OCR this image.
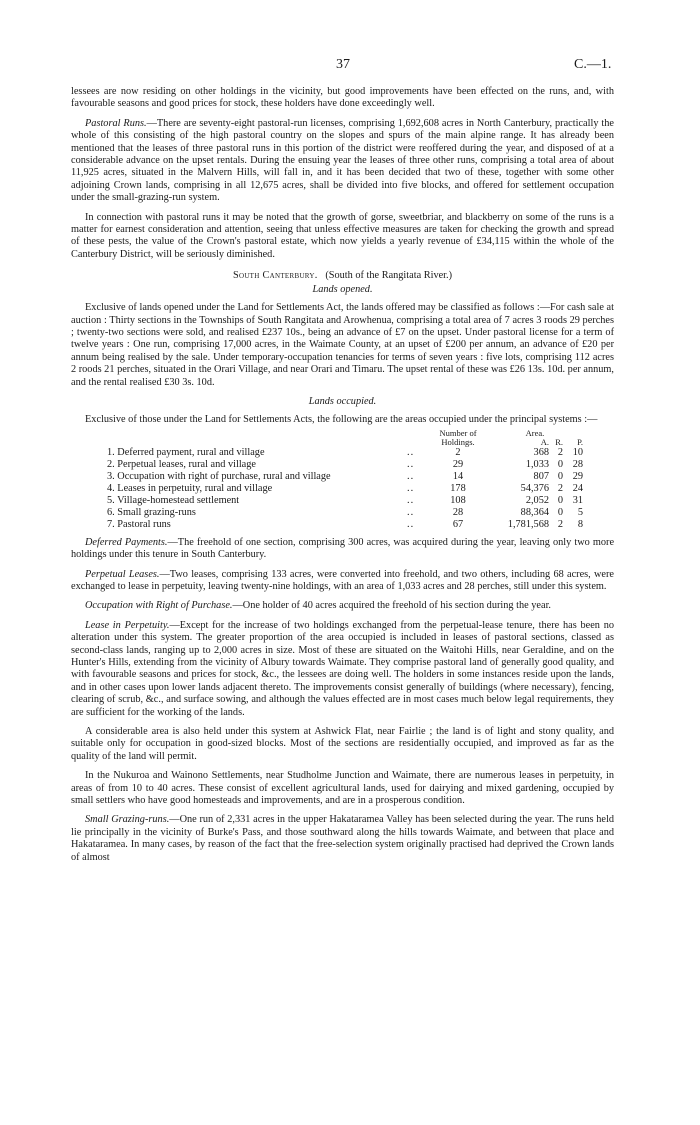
37	C.—1.

lessees are now residing on other holdings in the vicinity, but good improvements have been effected on the runs, and, with favourable seasons and good prices for stock, these holders have done exceedingly well.

Pastoral Runs.—There are seventy-eight pastoral-run licenses, comprising 1,692,608 acres in North Canterbury, practically the whole of this consisting of the high pastoral country on the slopes and spurs of the main alpine range. It has already been mentioned that the leases of three pastoral runs in this portion of the district were reoffered during the year, and disposed of at a considerable advance on the upset rentals. During the ensuing year the leases of three other runs, comprising a total area of about 11,925 acres, situated in the Malvern Hills, will fall in, and it has been decided that two of these, together with some other adjoining Crown lands, comprising in all 12,675 acres, shall be divided into five blocks, and offered for settlement occupation under the small-grazing-run system.

In connection with pastoral runs it may be noted that the growth of gorse, sweetbriar, and blackberry on some of the runs is a matter for earnest consideration and attention, seeing that unless effective measures are taken for checking the growth and spread of these pests, the value of the Crown's pastoral estate, which now yields a yearly revenue of £34,115 within the whole of the Canterbury District, will be seriously diminished.

South Canterbury. (South of the Rangitata River.)
Lands opened.

Exclusive of lands opened under the Land for Settlements Act, the lands offered may be classified as follows :—For cash sale at auction : Thirty sections in the Townships of South Rangitata and Arowhenua, comprising a total area of 7 acres 3 roods 29 perches ; twenty-two sections were sold, and realised £237 10s., being an advance of £7 on the upset. Under pastoral license for a term of twelve years : One run, comprising 17,000 acres, in the Waimate County, at an upset of £200 per annum, an advance of £20 per annum being realised by the sale. Under temporary-occupation tenancies for terms of seven years : five lots, comprising 112 acres 2 roods 21 perches, situated in the Orari Village, and near Orari and Timaru. The upset rental of these was £26 13s. 10d. per annum, and the rental realised £30 3s. 10d.

Lands occupied.

Exclusive of those under the Land for Settlements Acts, the following are the areas occupied under the principal systems :—

		Number of Holdings.	Area.		
			A.	R.	P.
1. Deferred payment, rural and village	..	2	368	2	10
2. Perpetual leases, rural and village	..	29	1,033	0	28
3. Occupation with right of purchase, rural and village	..	14	807	0	29
4. Leases in perpetuity, rural and village	..	178	54,376	2	24
5. Village-homestead settlement	..	108	2,052	0	31
6. Small grazing-runs	..	28	88,364	0	5
7. Pastoral runs	..	67	1,781,568	2	8

Deferred Payments.—The freehold of one section, comprising 300 acres, was acquired during the year, leaving only two more holdings under this tenure in South Canterbury.

Perpetual Leases.—Two leases, comprising 133 acres, were converted into freehold, and two others, including 68 acres, were exchanged to lease in perpetuity, leaving twenty-nine holdings, with an area of 1,033 acres and 28 perches, still under this system.

Occupation with Right of Purchase.—One holder of 40 acres acquired the freehold of his section during the year.

Lease in Perpetuity.—Except for the increase of two holdings exchanged from the perpetual-lease tenure, there has been no alteration under this system. The greater proportion of the area occupied is included in leases of pastoral sections, classed as second-class lands, ranging up to 2,000 acres in size. Most of these are situated on the Waitohi Hills, near Geraldine, and on the Hunter's Hills, extending from the vicinity of Albury towards Waimate. They comprise pastoral land of generally good quality, and with favourable seasons and prices for stock, &c., the lessees are doing well. The holders in some instances reside upon the lands, and in other cases upon lower lands adjacent thereto. The improvements consist generally of buildings (where necessary), fencing, clearing of scrub, &c., and surface sowing, and although the values effected are in most cases much below legal requirements, they are sufficient for the working of the lands.

A considerable area is also held under this system at Ashwick Flat, near Fairlie ; the land is of light and stony quality, and suitable only for occupation in good-sized blocks. Most of the sections are residentially occupied, and improved as far as the quality of the land will permit.

In the Nukuroa and Wainono Settlements, near Studholme Junction and Waimate, there are numerous leases in perpetuity, in areas of from 10 to 40 acres. These consist of excellent agricultural lands, used for dairying and mixed gardening, occupied by small settlers who have good homesteads and improvements, and are in a prosperous condition.

Small Grazing-runs.—One run of 2,331 acres in the upper Hakataramea Valley has been selected during the year. The runs held lie principally in the vicinity of Burke's Pass, and those southward along the hills towards Waimate, and between that place and Hakataramea. In many cases, by reason of the fact that the free-selection system originally practised had deprived the Crown lands of almost
